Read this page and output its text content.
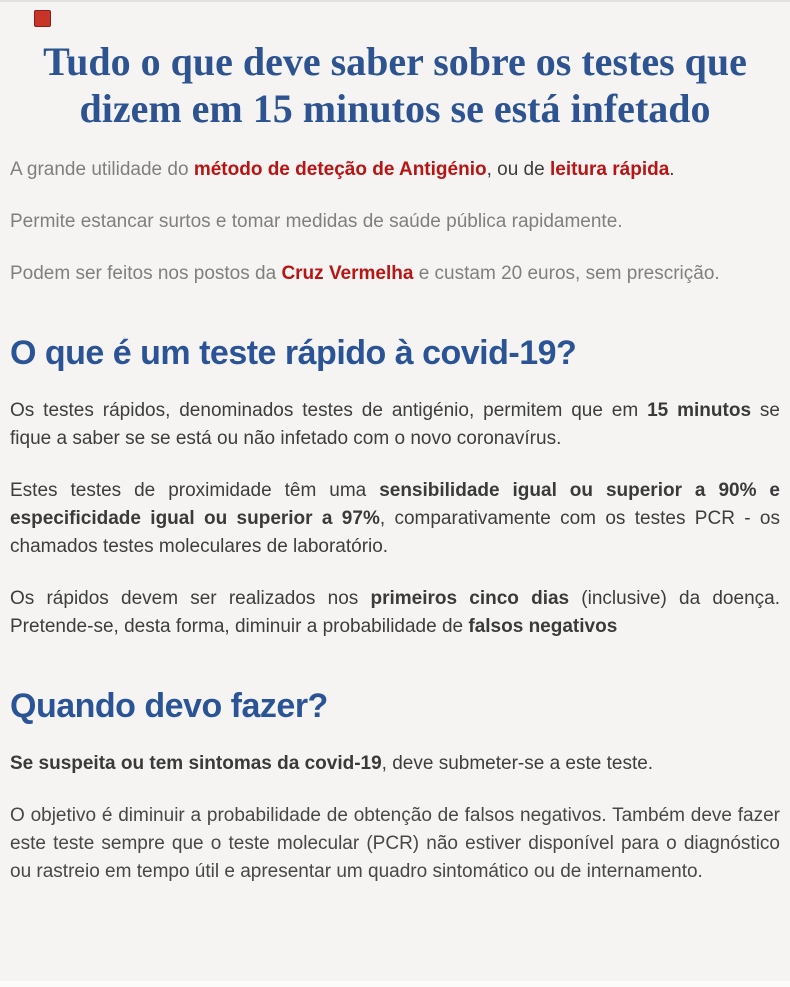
Tudo o que deve saber sobre os testes que dizem em 15 minutos se está infetado

A grande utilidade do método de deteção de Antigénio, ou de leitura rápida.

Permite estancar surtos e tomar medidas de saúde pública rapidamente.

Podem ser feitos nos postos da Cruz Vermelha e custam 20 euros, sem prescrição.

O que é um teste rápido à covid-19?

Os testes rápidos, denominados testes de antigénio, permitem que em 15 minutos se fique a saber se se está ou não infetado com o novo coronavírus.

Estes testes de proximidade têm uma sensibilidade igual ou superior a 90% e especificidade igual ou superior a 97%, comparativamente com os testes PCR - os chamados testes moleculares de laboratório.

Os rápidos devem ser realizados nos primeiros cinco dias (inclusive) da doença. Pretende-se, desta forma, diminuir a probabilidade de falsos negativos

Quando devo fazer?

Se suspeita ou tem sintomas da covid-19, deve submeter-se a este teste.

O objetivo é diminuir a probabilidade de obtenção de falsos negativos. Também deve fazer este teste sempre que o teste molecular (PCR) não estiver disponível para o diagnóstico ou rastreio em tempo útil e apresentar um quadro sintomático ou de internamento.
